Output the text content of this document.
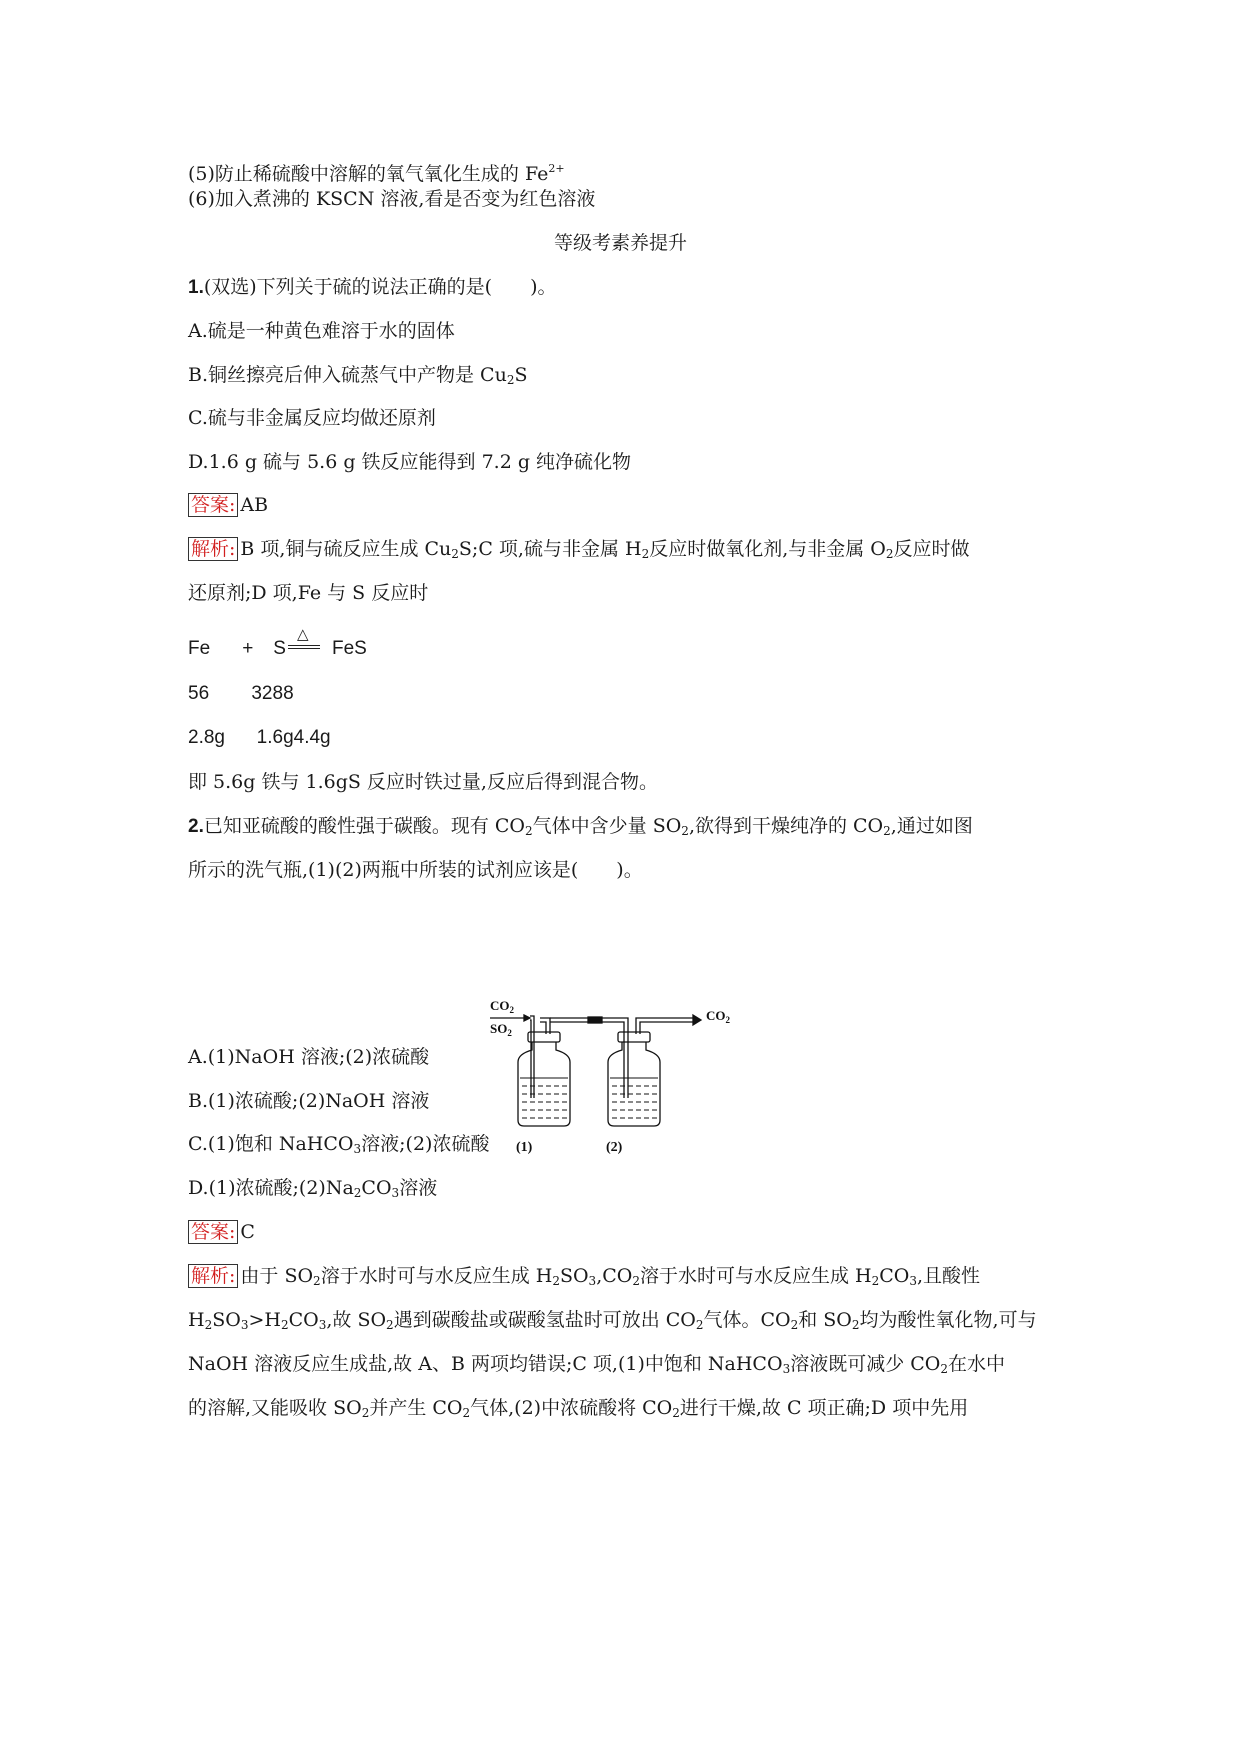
(5)防止稀硫酸中溶解的氧气氧化生成的 $Fe^{2+}$
(6)加入煮沸的 KSCN 溶液,看是否变为红色溶液
等级考素养提升
1.(双选)下列关于硫的说法正确的是(　　)。
A.硫是一种黄色难溶于水的固体
B.铜丝擦亮后伸入硫蒸气中产物是 $Cu_2S$
C.硫与非金属反应均做还原剂
D.1.6 g 硫与 5.6 g 铁反应能得到 7.2 g 纯净硫化物
答案: AB
解析: B 项,铜与硫反应生成 $Cu_2S;C$ 项,硫与非金属 $H_2$反应时做氧化剂,与非金属 $O_2$反应时做
还原剂;D 项,Fe 与 S 反应时
Fe + S
△
FeS
56        3288
2.8g      1.6g4.4g
即 5.6g 铁与 1.6gS 反应时铁过量,反应后得到混合物。
2.已知亚硫酸的酸性强于碳酸。现有 $CO_2$气体中含少量 $SO_2$,欲得到干燥纯净的 $CO_2$,通过如图
所示的洗气瓶,(1)(2)两瓶中所装的试剂应该是(　　)。
$CO_2$
$SO_2$
$CO_2$
(1)	(2)
A.(1)NaOH 溶液;(2)浓硫酸
B.(1)浓硫酸;(2)NaOH 溶液
C.(1)饱和 NaHCO$_3$溶液;(2)浓硫酸
D.(1)浓硫酸$;(2)Na_2CO_3$溶液
答案: C
解析: 由于 $SO_2$溶于水时可与水反应生成 $H_2SO_3,CO_2$溶于水时可与水反应生成 $H_2CO_3$,且酸性
$H_2SO_3>H_2CO_3$,故 $SO_2$遇到碳酸盐或碳酸氢盐时可放出 $CO_2$气体。$CO_2$和 $SO_2$均为酸性氧化物,可与
NaOH 溶液反应生成盐,故 A、B 两项均错误;C 项,(1)中饱和 NaHCO$_3$溶液既可减少 $CO_2$在水中
的溶解,又能吸收 $SO_2$并产生 $CO_2$气体,(2)中浓硫酸将 $CO_2$进行干燥,故 C 项正确;D 项中先用
